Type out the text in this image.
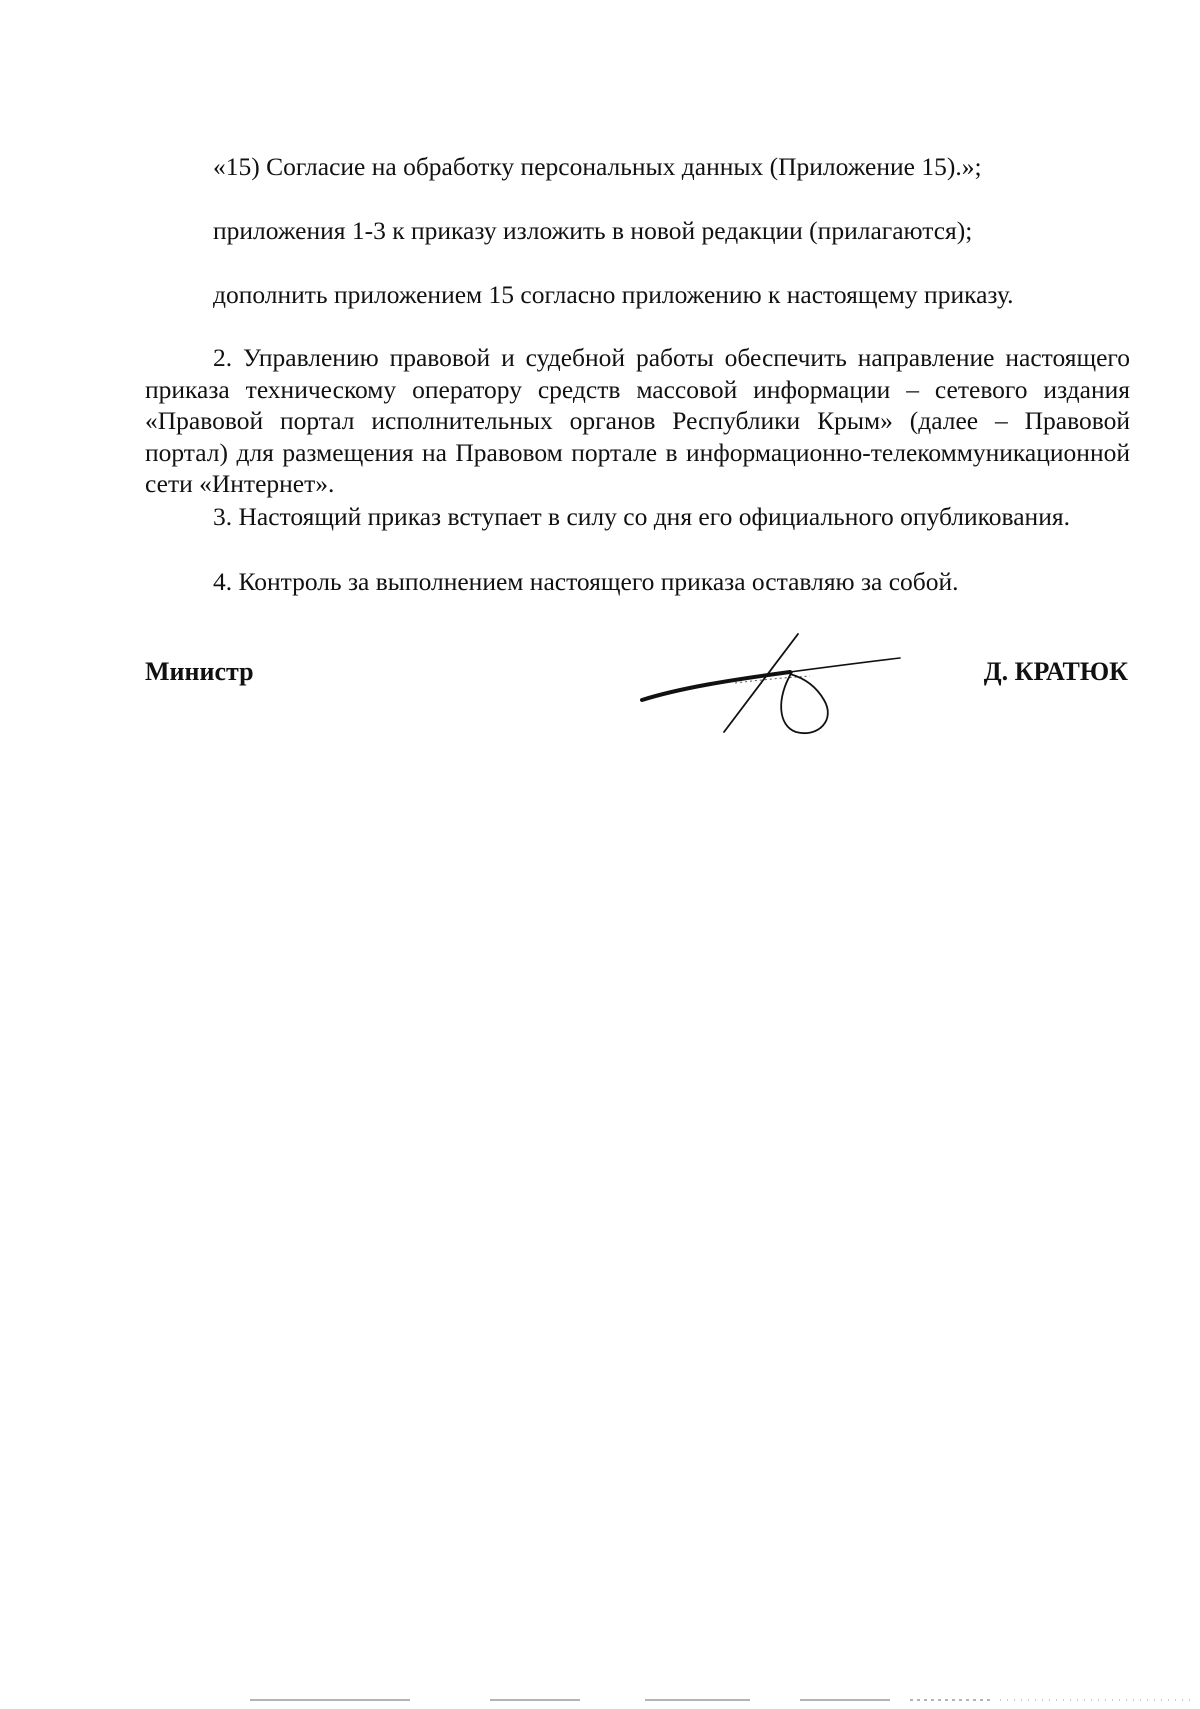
«15) Согласие на обработку персональных данных (Приложение 15).»;
приложения 1-3 к приказу изложить в новой редакции (прилагаются);
дополнить приложением 15 согласно приложению к настоящему приказу.
2. Управлению правовой и судебной работы обеспечить направление настоящего приказа техническому оператору средств массовой информации – сетевого издания «Правовой портал исполнительных органов Республики Крым» (далее – Правовой портал) для размещения на Правовом портале в информационно-телекоммуникационной сети «Интернет».
3. Настоящий приказ вступает в силу со дня его официального опубликования.
4. Контроль за выполнением настоящего приказа оставляю за собой.
Министр	Д. КРАТЮК
